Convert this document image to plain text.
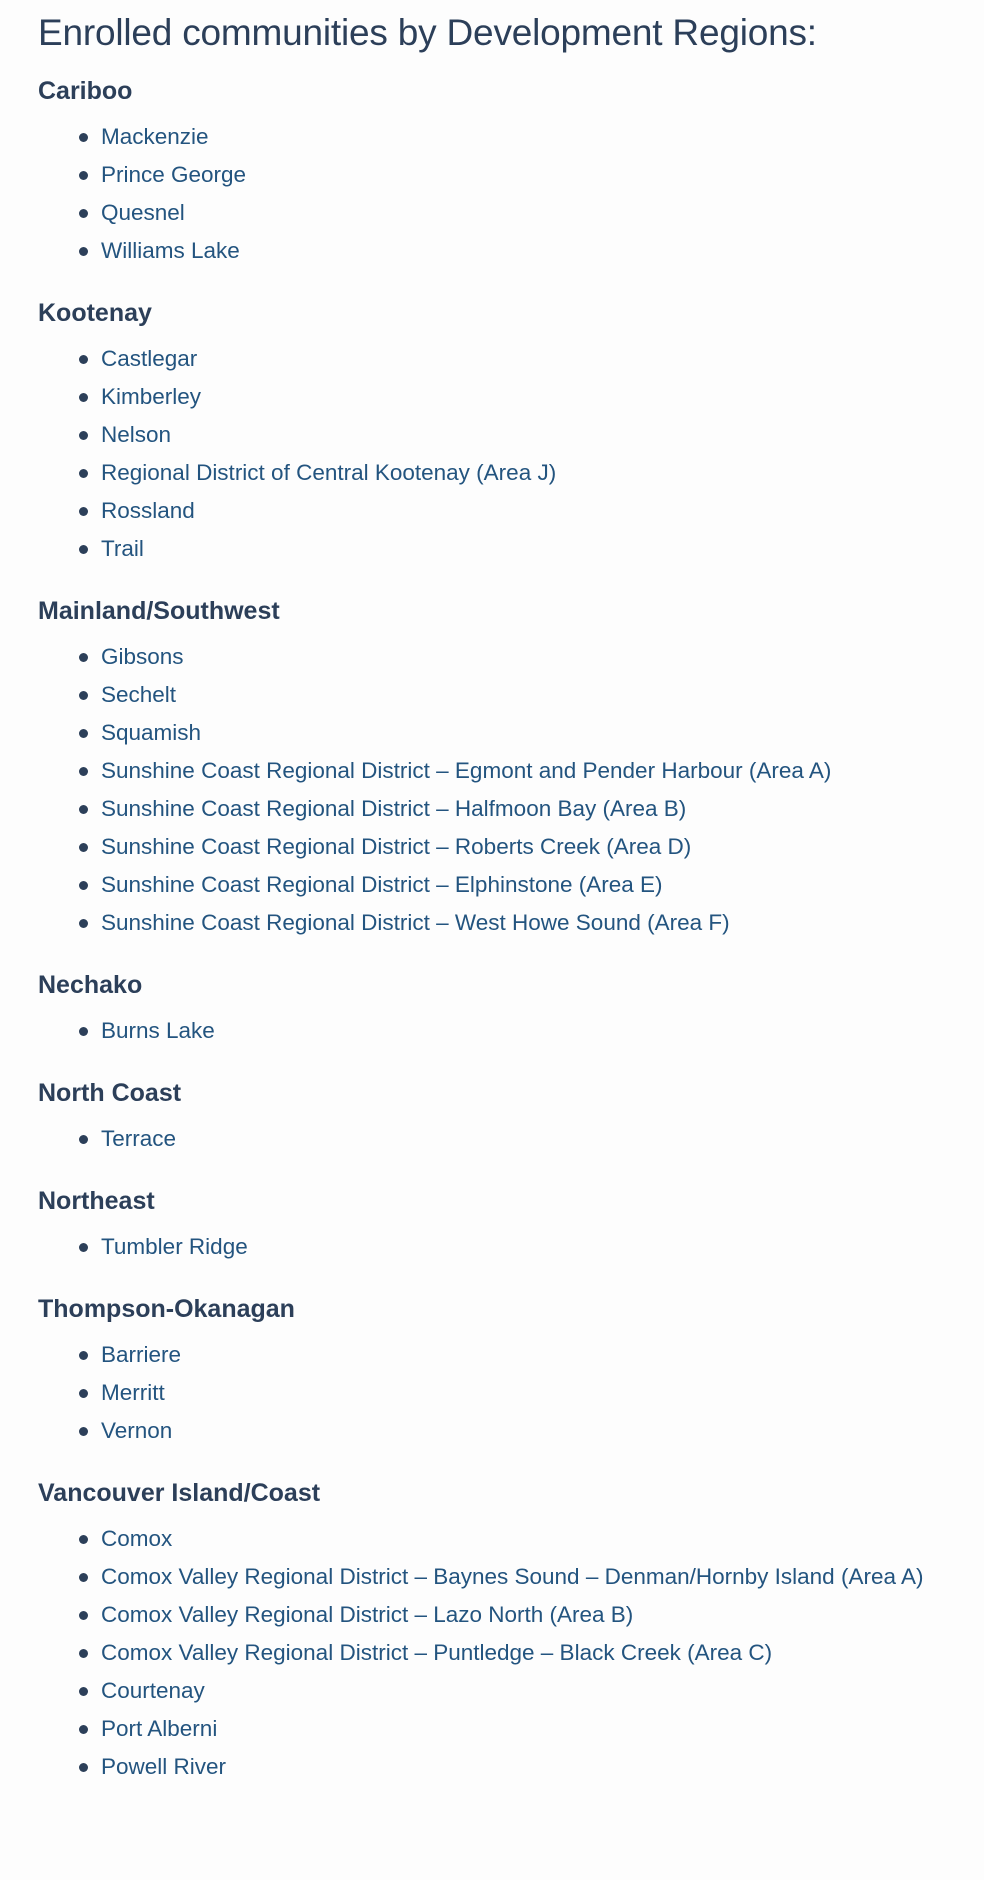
Enrolled communities by Development Regions:
Cariboo
Mackenzie
Prince George
Quesnel
Williams Lake
Kootenay
Castlegar
Kimberley
Nelson
Regional District of Central Kootenay (Area J)
Rossland
Trail
Mainland/Southwest
Gibsons
Sechelt
Squamish
Sunshine Coast Regional District – Egmont and Pender Harbour (Area A)
Sunshine Coast Regional District – Halfmoon Bay (Area B)
Sunshine Coast Regional District – Roberts Creek (Area D)
Sunshine Coast Regional District – Elphinstone (Area E)
Sunshine Coast Regional District – West Howe Sound (Area F)
Nechako
Burns Lake
North Coast
Terrace
Northeast
Tumbler Ridge
Thompson-Okanagan
Barriere
Merritt
Vernon
Vancouver Island/Coast
Comox
Comox Valley Regional District – Baynes Sound – Denman/Hornby Island (Area A)
Comox Valley Regional District – Lazo North (Area B)
Comox Valley Regional District – Puntledge – Black Creek (Area C)
Courtenay
Port Alberni
Powell River
